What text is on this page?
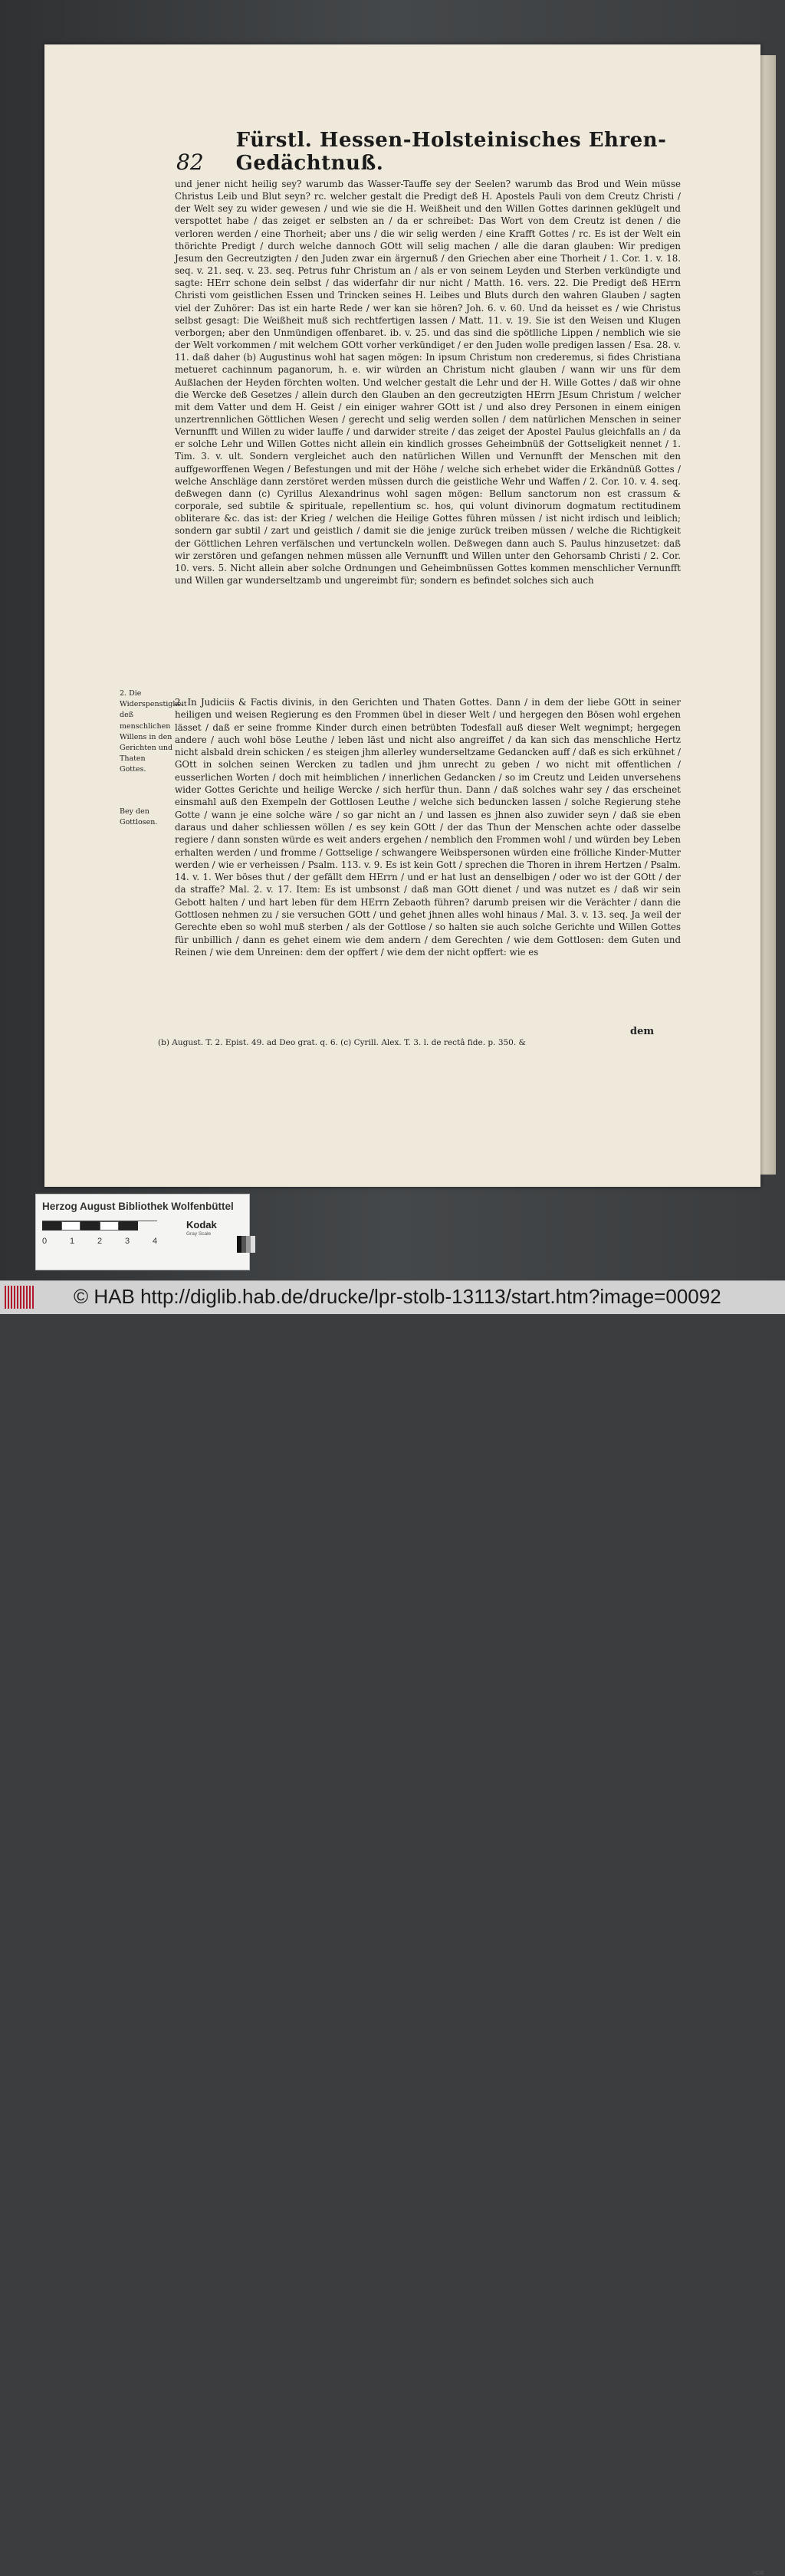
82
Fürstl. Hessen-Holsteinisches Ehren-Gedächtnuß.

und jener nicht heilig sey? warumb das Wasser-Tauffe sey der Seelen? warumb das Brod und Wein müsse Christus Leib und Blut seyn? rc. welcher gestalt die Predigt deß H. Apostels Pauli von dem Creutz Christi / der Welt sey zu wider gewesen / und wie sie die H. Weißheit und den Willen Gottes darinnen geklügelt und verspottet habe / das zeiget er selbsten an / da er schreibet: Das Wort von dem Creutz ist denen / die verloren werden / eine Thorheit; aber uns / die wir selig werden / eine Krafft Gottes / rc. Es ist der Welt ein thörichte Predigt / durch welche dannoch GOtt will selig machen / alle die daran glauben: Wir predigen Jesum den Gecreutzigten / den Juden zwar ein ärgernuß / den Griechen aber eine Thorheit / 1. Cor. 1. v. 18. seq. v. 21. seq. v. 23. seq. Petrus fuhr Christum an / als er von seinem Leyden und Sterben verkündigte und sagte: HErr schone dein selbst / das widerfahr dir nur nicht / Matth. 16. vers. 22. Die Predigt deß HErrn Christi vom geistlichen Essen und Trincken seines H. Leibes und Bluts durch den wahren Glauben / sagten viel der Zuhörer: Das ist ein harte Rede / wer kan sie hören? Joh. 6. v. 60. Und da heisset es / wie Christus selbst gesagt: Die Weißheit muß sich rechtfertigen lassen / Matt. 11. v. 19. Sie ist den Weisen und Klugen verborgen; aber den Unmündigen offenbaret. ib. v. 25. und das sind die spötlliche Lippen / nemblich wie sie der Welt vorkommen / mit welchem GOtt vorher verkündiget / er den Juden wolle predigen lassen / Esa. 28. v. 11. daß daher (b) Augustinus wohl hat sagen mögen: In ipsum Christum non crederemus, si fides Christiana metueret cachinnum paganorum, h. e. wir würden an Christum nicht glauben / wann wir uns für dem Außlachen der Heyden förchten wolten. Und welcher gestalt die Lehr und der H. Wille Gottes / daß wir ohne die Wercke deß Gesetzes / allein durch den Glauben an den gecreutzigten HErrn JEsum Christum / welcher mit dem Vatter und dem H. Geist / ein einiger wahrer GOtt ist / und also drey Personen in einem einigen unzertrennlichen Göttlichen Wesen / gerecht und selig werden sollen / dem natürlichen Menschen in seiner Vernunfft und Willen zu wider lauffe / und darwider streite / das zeiget der Apostel Paulus gleichfalls an / da er solche Lehr und Willen Gottes nicht allein ein kindlich grosses Geheimbnüß der Gottseligkeit nennet / 1. Tim. 3. v. ult. Sondern vergleichet auch den natürlichen Willen und Vernunfft der Menschen mit den auffgeworffenen Wegen / Befestungen und mit der Höhe / welche sich erhebet wider die Erkändnüß Gottes / welche Anschläge dann zerstöret werden müssen durch die geistliche Wehr und Waffen / 2. Cor. 10. v. 4. seq. deßwegen dann (c) Cyrillus Alexandrinus wohl sagen mögen: Bellum sanctorum non est crassum & corporale, sed subtile & spirituale, repellentium sc. hos, qui volunt divinorum dogmatum rectitudinem obliterare &c. das ist: der Krieg / welchen die Heilige Gottes führen müssen / ist nicht irdisch und leiblich; sondern gar subtil / zart und geistlich / damit sie die jenige zurück treiben müssen / welche die Richtigkeit der Göttlichen Lehren verfälschen und vertunckeln wollen. Deßwegen dann auch S. Paulus hinzusetzet: daß wir zerstören und gefangen nehmen müssen alle Vernunfft und Willen unter den Gehorsamb Christi / 2. Cor. 10. vers. 5. Nicht allein aber solche Ordnungen und Geheimbnüssen Gottes kommen menschlicher Vernunfft und Willen gar wunderseltzamb und ungereimbt für; sondern es befindet solches sich auch

2. Die Widerspenstigkeit deß menschlichen Willens in den Gerichten und Thaten Gottes.

Bey den Gottlosen.

2. In Judiciis & Factis divinis, in den Gerichten und Thaten Gottes. Dann / in dem der liebe GOtt in seiner heiligen und weisen Regierung es den Frommen übel in dieser Welt / und hergegen den Bösen wohl ergehen lässet / daß er seine fromme Kinder durch einen betrübten Todesfall auß dieser Welt wegnimpt; hergegen andere / auch wohl böse Leuthe / leben läst und nicht also angreiffet / da kan sich das menschliche Hertz nicht alsbald drein schicken / es steigen jhm allerley wunderseltzame Gedancken auff / daß es sich erkühnet / GOtt in solchen seinen Wercken zu tadlen und jhm unrecht zu geben / wo nicht mit offentlichen / eusserlichen Worten / doch mit heimblichen / innerlichen Gedancken / so im Creutz und Leiden unversehens wider Gottes Gerichte und heilige Wercke / sich herfür thun. Dann / daß solches wahr sey / das erscheinet einsmahl auß den Exempeln der Gottlosen Leuthe / welche sich beduncken lassen / solche Regierung stehe Gotte / wann je eine solche wäre / so gar nicht an / und lassen es jhnen also zuwider seyn / daß sie eben daraus und daher schliessen wöllen / es sey kein GOtt / der das Thun der Menschen achte oder dasselbe regiere / dann sonsten würde es weit anders ergehen / nemblich den Frommen wohl / und würden bey Leben erhalten werden / und fromme / Gottselige / schwangere Weibspersonen würden eine frölliche Kinder-Mutter werden / wie er verheissen / Psalm. 113. v. 9. Es ist kein Gott / sprechen die Thoren in ihrem Hertzen / Psalm. 14. v. 1. Wer böses thut / der gefällt dem HErrn / und er hat lust an denselbigen / oder wo ist der GOtt / der da straffe? Mal. 2. v. 17. Item: Es ist umbsonst / daß man GOtt dienet / und was nutzet es / daß wir sein Gebott halten / und hart leben für dem HErrn Zebaoth führen? darumb preisen wir die Verächter / dann die Gottlosen nehmen zu / sie versuchen GOtt / und gehet jhnen alles wohl hinaus / Mal. 3. v. 13. seq. Ja weil der Gerechte eben so wohl muß sterben / als der Gottlose / so halten sie auch solche Gerichte und Willen Gottes für unbillich / dann es gehet einem wie dem andern / dem Gerechten / wie dem Gottlosen: dem Guten und Reinen / wie dem Unreinen: dem der opffert / wie dem der nicht opffert: wie es

(b) August. T. 2. Epist. 49. ad Deo grat. q. 6. (c) Cyrill. Alex. T. 3. l. de rectâ fide. p. 350. &
dem
Herzog August Bibliothek Wolfenbüttel
0	1	2	3	4
Kodak
Gray Scale
© HAB http://diglib.hab.de/drucke/lpr-stolb-13113/start.htm?image=00092
HDB
